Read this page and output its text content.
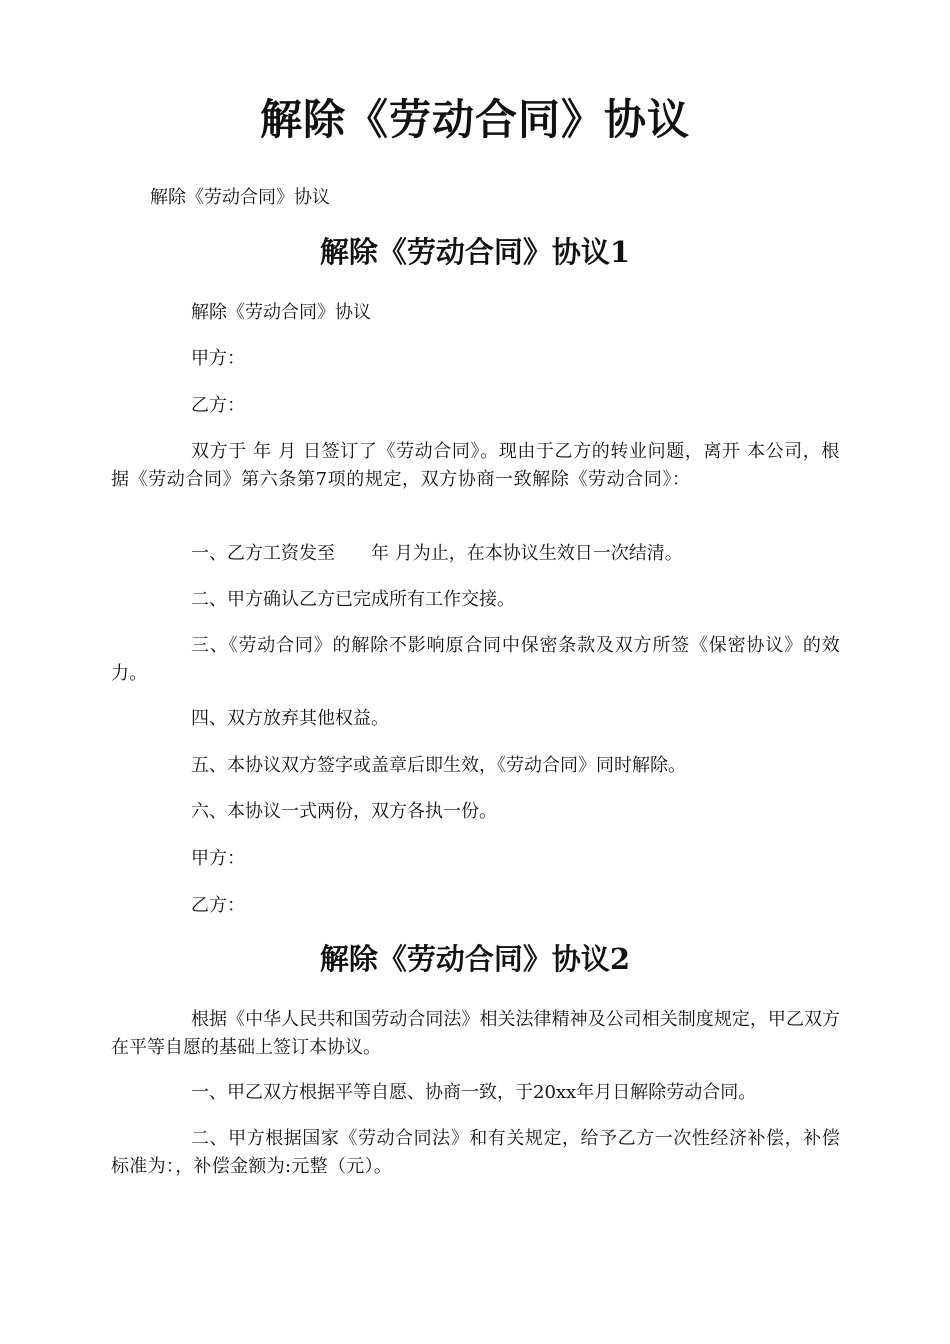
解除《劳动合同》协议

解除《劳动合同》协议

解除《劳动合同》协议1

解除《劳动合同》协议

甲方：

乙方：

双方于 年 月 日签订了《劳动合同》。现由于乙方的转业问题，离开 本公司，根据《劳动合同》第六条第7项的规定，双方协商一致解除《劳动合同》：

一、乙方工资发至　　年 月为止，在本协议生效日一次结清。

二、甲方确认乙方已完成所有工作交接。

三、《劳动合同》的解除不影响原合同中保密条款及双方所签《保密协议》的效力。

四、双方放弃其他权益。

五、本协议双方签字或盖章后即生效，《劳动合同》同时解除。

六、本协议一式两份，双方各执一份。

甲方：

乙方：

解除《劳动合同》协议2

根据《中华人民共和国劳动合同法》相关法律精神及公司相关制度规定，甲乙双方在平等自愿的基础上签订本协议。

一、甲乙双方根据平等自愿、协商一致，于20xx年月日解除劳动合同。

二、甲方根据国家《劳动合同法》和有关规定，给予乙方一次性经济补偿，补偿标准为：，补偿金额为:元整（元）。
